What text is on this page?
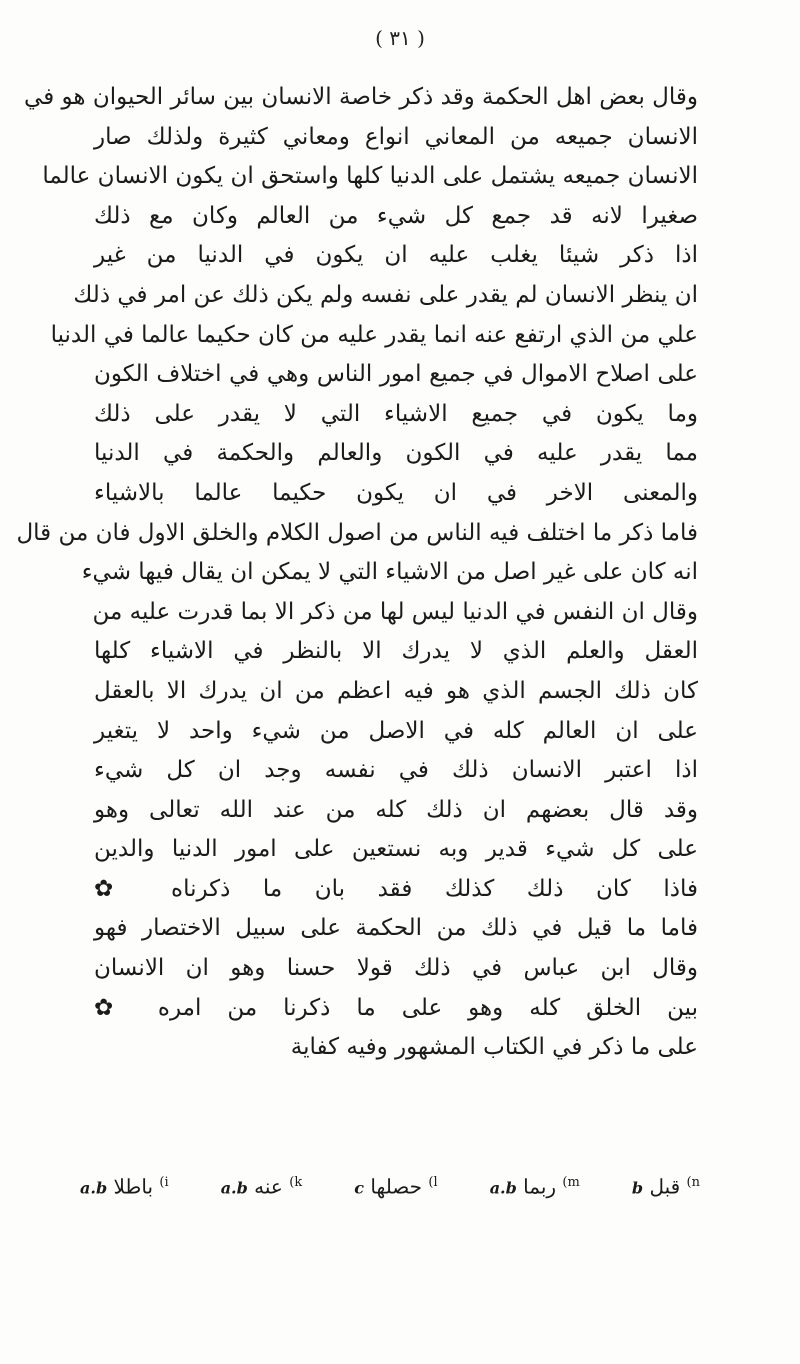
( ٣١ )
وقال بعض اهل الحكمة وقد ذكر خاصة الانسان بين سائر الحيوان هو في
الانسان جميعه من المعاني انواع ومعاني كثيرة ولذلك صار
الانسان جميعه يشتمل على الدنيا كلها واستحق ان يكون الانسان عالما
صغيرا لانه قد جمع كل شيء من العالم وكان مع ذلك
اذا ذكر شيئا يغلب عليه ان يكون في الدنيا من غير
ان ينظر الانسان لم يقدر على نفسه ولم يكن ذلك عن امر في ذلك
علي من الذي ارتفع عنه انما يقدر عليه من كان حكيما عالما في الدنيا
على اصلاح الاموال في جميع امور الناس وهي في اختلاف الكون
وما يكون في جميع الاشياء التي لا يقدر على ذلك
مما يقدر عليه في الكون والعالم والحكمة في الدنيا
والمعنى الاخر في ان يكون حكيما عالما بالاشياء
فاما ذكر ما اختلف فيه الناس من اصول الكلام والخلق الاول فان من قال
انه كان على غير اصل من الاشياء التي لا يمكن ان يقال فيها شيء
وقال ان النفس في الدنيا ليس لها من ذكر الا بما قدرت عليه من
العقل والعلم الذي لا يدرك الا بالنظر في الاشياء كلها
كان ذلك الجسم الذي هو فيه اعظم من ان يدرك الا بالعقل
على ان العالم كله في الاصل من شيء واحد لا يتغير
اذا اعتبر الانسان ذلك في نفسه وجد ان كل شيء
وقد قال بعضهم ان ذلك كله من عند الله تعالى وهو
على كل شيء قدير وبه نستعين على امور الدنيا والدين
فاذا كان ذلك كذلك فقد بان ما ذكرناه ✿
فاما ما قيل في ذلك من الحكمة على سبيل الاختصار فهو
وقال ابن عباس في ذلك قولا حسنا وهو ان الانسان
بين الخلق كله وهو على ما ذكرنا من امره ✿
على ما ذكر في الكتاب المشهور وفيه كفاية
$^{n)}$ قبل b
$^{m)}$ ربما a.b
$^{l)}$ حصلها c
$^{k)}$ عنه a.b
$^{i)}$ باطلا a.b
